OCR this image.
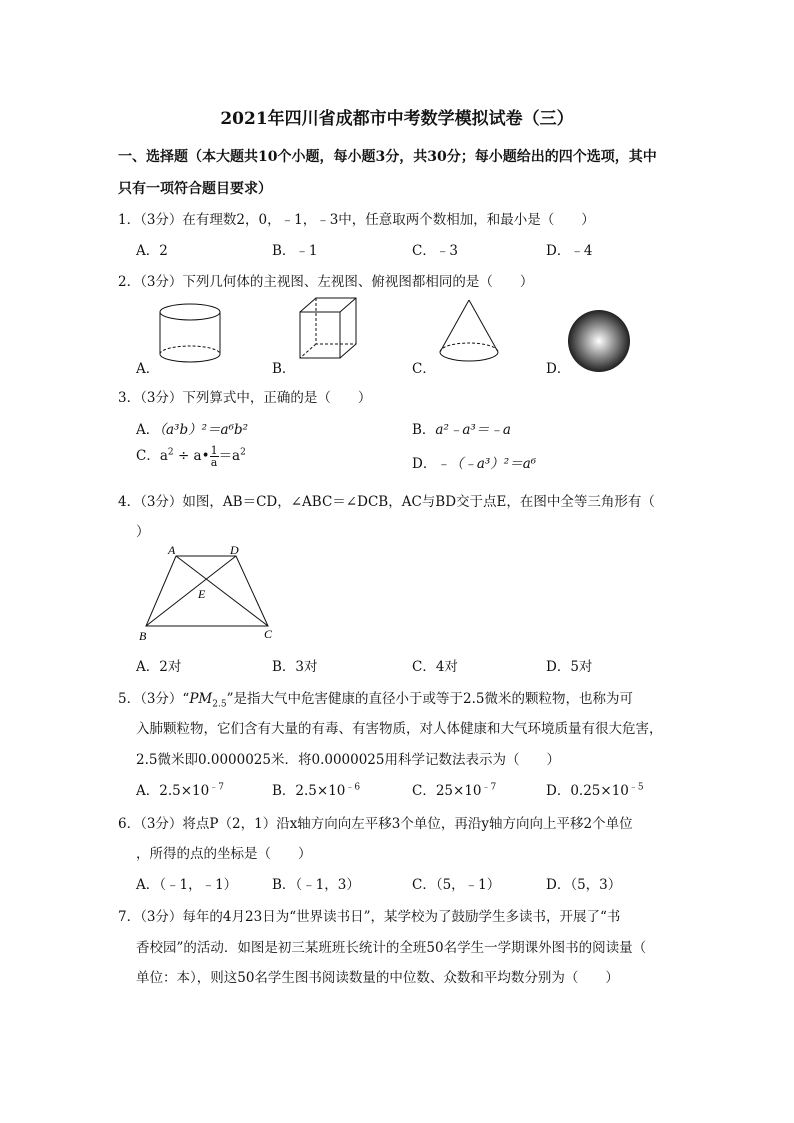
2021年四川省成都市中考数学模拟试卷（三）
一、选择题（本大题共10个小题，每小题3分，共30分；每小题给出的四个选项，其中
只有一项符合题目要求）
1．（3分）在有理数2，0，﹣1，﹣3中，任意取两个数相加，和最小是（　　）
A．2	B．﹣1	C．﹣3	D．﹣4
2．（3分）下列几何体的主视图、左视图、俯视图都相同的是（　　）
A．	B．	C．	D．
3．（3分）下列算式中，正确的是（　　）
A．（a³b）²＝a⁶b²	B．a²﹣a³＝﹣a
C．$a^2$ ÷ a• $\frac{1}{a} =a^2$
D．﹣（﹣a³）²＝a⁶
4．（3分）如图，AB＝CD，∠ABC＝∠DCB，AC与BD交于点E，在图中全等三角形有（
）
A	D
E
B	C
A．2对	B．3对	C．4对	D．5对
5．（3分）“$PM_{2.5}$”是指大气中危害健康的直径小于或等于2.5微米的颗粒物，也称为可
入肺颗粒物，它们含有大量的有毒、有害物质，对人体健康和大气环境质量有很大危害，
2.5微米即0.0000025米．将0.0000025用科学记数法表示为（　　）
A．$2.5\times 10^{﹣7}$	B．$2.5\times 10^{﹣6}$	C．$25\times 10^{﹣7}$	D．$0.25\times 10^{﹣5}$
6．（3分）将点P（2，1）沿x轴方向向左平移3个单位，再沿y轴方向向上平移2个单位
，所得的点的坐标是（　　）
A．（﹣1，﹣1）	B．（﹣1，3）	C．（5，﹣1）	D．（5，3）
7．（3分）每年的4月23日为“世界读书日”，某学校为了鼓励学生多读书，开展了“书
香校园”的活动．如图是初三某班班长统计的全班50名学生一学期课外图书的阅读量（
单位：本），则这50名学生图书阅读数量的中位数、众数和平均数分别为（　　）
